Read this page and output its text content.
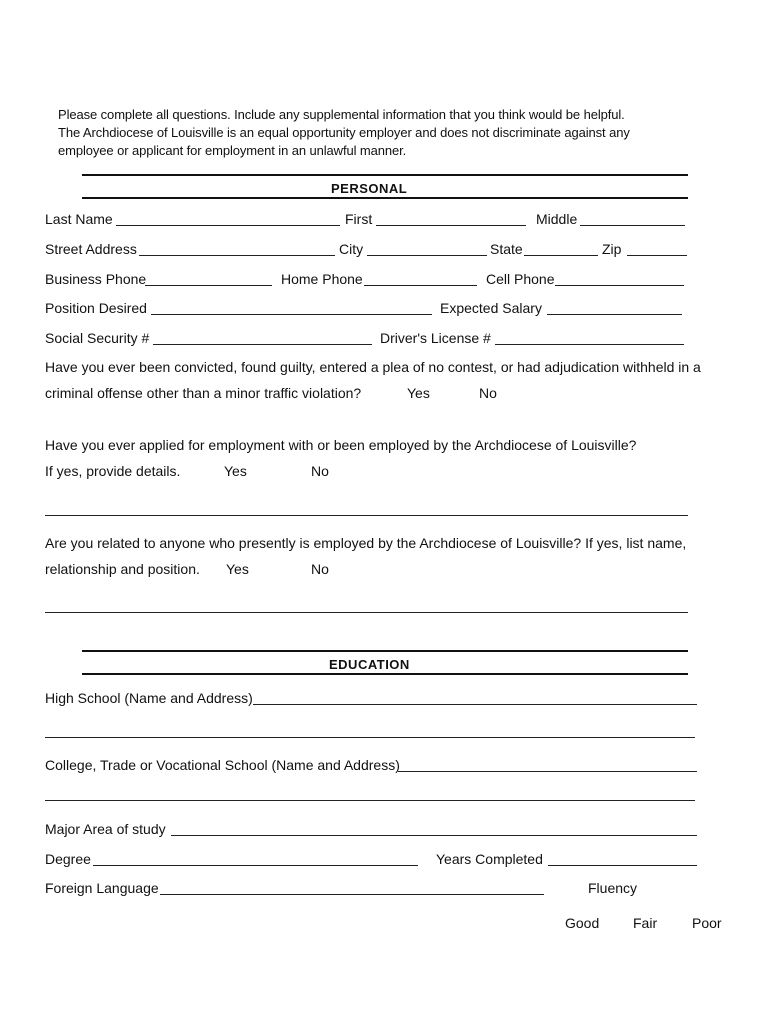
Please complete all questions. Include any supplemental information that you think would be helpful.
The Archdiocese of Louisville is an equal opportunity employer and does not discriminate against any
employee or applicant for employment in an unlawful manner.
PERSONAL
Last Name	First	Middle
Street Address	City	State	Zip
Business Phone	Home Phone	Cell Phone
Position Desired	Expected Salary
Social Security #	Driver's License #
Have you ever been convicted, found guilty, entered a plea of no contest, or had adjudication withheld in a
criminal offense other than a minor traffic violation?	Yes	No
Have you ever applied for employment with or been employed by the Archdiocese of Louisville?
If yes, provide details.	Yes	No
Are you related to anyone who presently is employed by the Archdiocese of Louisville? If yes, list name,
relationship and position. Yes	No
EDUCATION
High School (Name and Address)
College, Trade or Vocational School (Name and Address)
Major Area of study
Degree	Years Completed
Foreign Language	Fluency
Good Fair Poor
